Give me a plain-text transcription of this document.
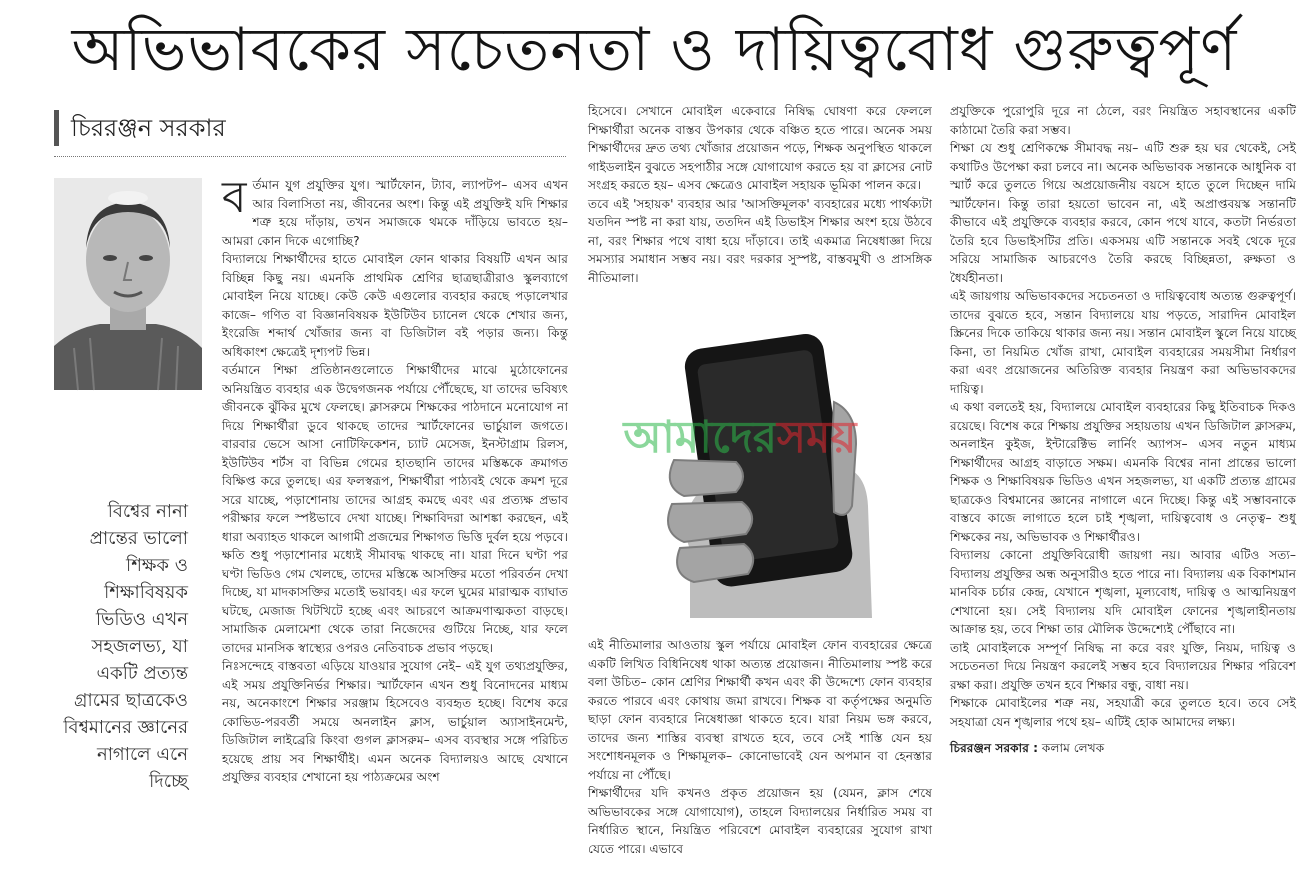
অভিভাবকের সচেতনতা ও দায়িত্ববোধ গুরুত্বপূর্ণ
চিররঞ্জন সরকার
বিশ্বের নানা প্রান্তের ভালো শিক্ষক ও শিক্ষাবিষয়ক ভিডিও এখন সহজলভ্য, যা একটি প্রত্যন্ত গ্রামের ছাত্রকেও বিশ্বমানের জ্ঞানের নাগালে এনে দিচ্ছে
ব র্তমান যুগ প্রযুক্তির যুগ। স্মার্টফোন, ট্যাব, ল্যাপটপ– এসব এখন আর বিলাসিতা নয়, জীবনের অংশ। কিন্তু এই প্রযুক্তিই যদি শিক্ষার শত্রু হয়ে দাঁড়ায়, তখন সমাজকে থমকে দাঁড়িয়ে ভাবতে হয়– আমরা কোন দিকে এগোচ্ছি?

বিদ্যালয়ে শিক্ষার্থীদের হাতে মোবাইল ফোন থাকার বিষয়টি এখন আর বিচ্ছিন্ন কিছু নয়। এমনকি প্রাথমিক শ্রেণির ছাত্রছাত্রীরাও স্কুলব্যাগে মোবাইল নিয়ে যাচ্ছে। কেউ কেউ এগুলোর ব্যবহার করছে পড়ালেখার কাজে– গণিত বা বিজ্ঞানবিষয়ক ইউটিউব চ্যানেল থেকে শেখার জন্য, ইংরেজি শব্দার্থ খোঁজার জন্য বা ডিজিটাল বই পড়ার জন্য। কিন্তু অধিকাংশ ক্ষেত্রেই দৃশ্যপট ভিন্ন।

বর্তমানে শিক্ষা প্রতিষ্ঠানগুলোতে শিক্ষার্থীদের মাঝে মুঠোফোনের অনিয়ন্ত্রিত ব্যবহার এক উদ্বেগজনক পর্যায়ে পৌঁছেছে, যা তাদের ভবিষ্যৎ জীবনকে ঝুঁকির মুখে ফেলছে। ক্লাসরুমে শিক্ষকের পাঠদানে মনোযোগ না দিয়ে শিক্ষার্থীরা ডুবে থাকছে তাদের স্মার্টফোনের ভার্চুয়াল জগতে। বারবার ভেসে আসা নোটিফিকেশন, চ্যাট মেসেজ, ইনস্টাগ্রাম রিলস, ইউটিউব শর্টস বা বিভিন্ন গেমের হাতছানি তাদের মস্তিষ্ককে ক্রমাগত বিক্ষিপ্ত করে তুলছে। এর ফলস্বরূপ, শিক্ষার্থীরা পাঠ্যবই থেকে ক্রমশ দূরে সরে যাচ্ছে, পড়াশোনায় তাদের আগ্রহ কমছে এবং এর প্রত্যক্ষ প্রভাব পরীক্ষার ফলে স্পষ্টভাবে দেখা যাচ্ছে। শিক্ষাবিদরা আশঙ্কা করছেন, এই ধারা অব্যাহত থাকলে আগামী প্রজন্মের শিক্ষাগত ভিত্তি দুর্বল হয়ে পড়বে।

ক্ষতি শুধু পড়াশোনার মধ্যেই সীমাবদ্ধ থাকছে না। যারা দিনে ঘণ্টা পর ঘণ্টা ভিডিও গেম খেলছে, তাদের মস্তিষ্কে আসক্তির মতো পরিবর্তন দেখা দিচ্ছে, যা মাদকাসক্তির মতোই ভয়াবহ। এর ফলে ঘুমের মারাত্মক ব্যাঘাত ঘটছে, মেজাজ খিটখিটে হচ্ছে এবং আচরণে আক্রমণাত্মকতা বাড়ছে। সামাজিক মেলামেশা থেকে তারা নিজেদের গুটিয়ে নিচ্ছে, যার ফলে তাদের মানসিক স্বাস্থ্যের ওপরও নেতিবাচক প্রভাব পড়ছে।

নিঃসন্দেহে বাস্তবতা এড়িয়ে যাওয়ার সুযোগ নেই– এই যুগ তথ্যপ্রযুক্তির, এই সময় প্রযুক্তিনির্ভর শিক্ষার। স্মার্টফোন এখন শুধু বিনোদনের মাধ্যম নয়, অনেকাংশে শিক্ষার সরঞ্জাম হিসেবেও ব্যবহৃত হচ্ছে। বিশেষ করে কোভিড-পরবর্তী সময়ে অনলাইন ক্লাস, ভার্চুয়াল অ্যাসাইনমেন্ট, ডিজিটাল লাইব্রেরি কিংবা গুগল ক্লাসরুম– এসব ব্যবস্থার সঙ্গে পরিচিত হয়েছে প্রায় সব শিক্ষার্থীই। এমন অনেক বিদ্যালয়ও আছে যেখানে প্রযুক্তির ব্যবহার শেখানো হয় পাঠ্যক্রমের অংশ

হিসেবে। সেখানে মোবাইল একেবারে নিষিদ্ধ ঘোষণা করে ফেললে শিক্ষার্থীরা অনেক বাস্তব উপকার থেকে বঞ্চিত হতে পারে। অনেক সময় শিক্ষার্থীদের দ্রুত তথ্য খোঁজার প্রয়োজন পড়ে, শিক্ষক অনুপস্থিত থাকলে গাইডলাইন বুঝতে সহপাঠীর সঙ্গে যোগাযোগ করতে হয় বা ক্লাসের নোট সংগ্রহ করতে হয়– এসব ক্ষেত্রেও মোবাইল সহায়ক ভূমিকা পালন করে।

তবে এই 'সহায়ক' ব্যবহার আর 'আসক্তিমূলক' ব্যবহারের মধ্যে পার্থক্যটা যতদিন স্পষ্ট না করা যায়, ততদিন এই ডিভাইস শিক্ষার অংশ হয়ে উঠবে না, বরং শিক্ষার পথে বাধা হয়ে দাঁড়াবে। তাই একমাত্র নিষেধাজ্ঞা দিয়ে সমস্যার সমাধান সম্ভব নয়। বরং দরকার সুস্পষ্ট, বাস্তবমুখী ও প্রাসঙ্গিক নীতিমালা।

আমাদেরসময়

এই নীতিমালার আওতায় স্কুল পর্যায়ে মোবাইল ফোন ব্যবহারের ক্ষেত্রে একটি লিখিত বিধিনিষেধ থাকা অত্যন্ত প্রয়োজন। নীতিমালায় স্পষ্ট করে বলা উচিত– কোন শ্রেণির শিক্ষার্থী কখন এবং কী উদ্দেশ্যে ফোন ব্যবহার করতে পারবে এবং কোথায় জমা রাখবে। শিক্ষক বা কর্তৃপক্ষের অনুমতি ছাড়া ফোন ব্যবহারে নিষেধাজ্ঞা থাকতে হবে। যারা নিয়ম ভঙ্গ করবে, তাদের জন্য শাস্তির ব্যবস্থা রাখতে হবে, তবে সেই শাস্তি যেন হয় সংশোধনমূলক ও শিক্ষামূলক– কোনোভাবেই যেন অপমান বা হেনস্তার পর্যায়ে না পৌঁছে।

শিক্ষার্থীদের যদি কখনও প্রকৃত প্রয়োজন হয় (যেমন, ক্লাস শেষে অভিভাবকের সঙ্গে যোগাযোগ), তাহলে বিদ্যালয়ের নির্ধারিত সময় বা নির্ধারিত স্থানে, নিয়ন্ত্রিত পরিবেশে মোবাইল ব্যবহারের সুযোগ রাখা যেতে পারে। এভাবে

প্রযুক্তিকে পুরোপুরি দূরে না ঠেলে, বরং নিয়ন্ত্রিত সহাবস্থানের একটি কাঠামো তৈরি করা সম্ভব।

শিক্ষা যে শুধু শ্রেণিকক্ষে সীমাবদ্ধ নয়– এটি শুরু হয় ঘর থেকেই, সেই কথাটিও উপেক্ষা করা চলবে না। অনেক অভিভাবক সন্তানকে আধুনিক বা স্মার্ট করে তুলতে গিয়ে অপ্রয়োজনীয় বয়সে হাতে তুলে দিচ্ছেন দামি স্মার্টফোন। কিন্তু তারা হয়তো ভাবেন না, এই অপ্রাপ্তবয়স্ক সন্তানটি কীভাবে এই প্রযুক্তিকে ব্যবহার করবে, কোন পথে যাবে, কতটা নির্ভরতা তৈরি হবে ডিভাইসটির প্রতি। একসময় এটি সন্তানকে সবই থেকে দূরে সরিয়ে সামাজিক আচরণেও তৈরি করছে বিচ্ছিন্নতা, রুক্ষতা ও ধৈর্যহীনতা।

এই জায়গায় অভিভাবকদের সচেতনতা ও দায়িত্ববোধ অত্যন্ত গুরুত্বপূর্ণ। তাদের বুঝতে হবে, সন্তান বিদ্যালয়ে যায় পড়তে, সারাদিন মোবাইল স্ক্রিনের দিকে তাকিয়ে থাকার জন্য নয়। সন্তান মোবাইল স্কুলে নিয়ে যাচ্ছে কিনা, তা নিয়মিত খোঁজ রাখা, মোবাইল ব্যবহারের সময়সীমা নির্ধারণ করা এবং প্রয়োজনের অতিরিক্ত ব্যবহার নিয়ন্ত্রণ করা অভিভাবকদের দায়িত্ব।

এ কথা বলতেই হয়, বিদ্যালয়ে মোবাইল ব্যবহারের কিছু ইতিবাচক দিকও রয়েছে। বিশেষ করে শিক্ষায় প্রযুক্তির সহায়তায় এখন ডিজিটাল ক্লাসরুম, অনলাইন কুইজ, ইন্টারেক্টিভ লার্নিং অ্যাপস– এসব নতুন মাধ্যম শিক্ষার্থীদের আগ্রহ বাড়াতে সক্ষম। এমনকি বিশ্বের নানা প্রান্তের ভালো শিক্ষক ও শিক্ষাবিষয়ক ভিডিও এখন সহজলভ্য, যা একটি প্রত্যন্ত গ্রামের ছাত্রকেও বিশ্বমানের জ্ঞানের নাগালে এনে দিচ্ছে। কিন্তু এই সম্ভাবনাকে বাস্তবে কাজে লাগাতে হলে চাই শৃঙ্খলা, দায়িত্ববোধ ও নেতৃত্ব– শুধু শিক্ষকের নয়, অভিভাবক ও শিক্ষার্থীরও।

বিদ্যালয় কোনো প্রযুক্তিবিরোধী জায়গা নয়। আবার এটিও সত্য– বিদ্যালয় প্রযুক্তির অন্ধ অনুসারীও হতে পারে না। বিদ্যালয় এক বিকাশমান মানবিক চর্চার কেন্দ্র, যেখানে শৃঙ্খলা, মূল্যবোধ, দায়িত্ব ও আত্মনিয়ন্ত্রণ শেখানো হয়। সেই বিদ্যালয় যদি মোবাইল ফোনের শৃঙ্খলাহীনতায় আক্রান্ত হয়, তবে শিক্ষা তার মৌলিক উদ্দেশ্যেই পৌঁছাবে না।

তাই মোবাইলকে সম্পূর্ণ নিষিদ্ধ না করে বরং যুক্তি, নিয়ম, দায়িত্ব ও সচেতনতা দিয়ে নিয়ন্ত্রণ করলেই সম্ভব হবে বিদ্যালয়ের শিক্ষার পরিবেশ রক্ষা করা। প্রযুক্তি তখন হবে শিক্ষার বন্ধু, বাধা নয়।

শিক্ষাকে মোবাইলের শত্রু নয়, সহযাত্রী করে তুলতে হবে। তবে সেই সহযাত্রা যেন শৃঙ্খলার পথে হয়– এটিই হোক আমাদের লক্ষ্য।

চিররঞ্জন সরকার : কলাম লেখক
